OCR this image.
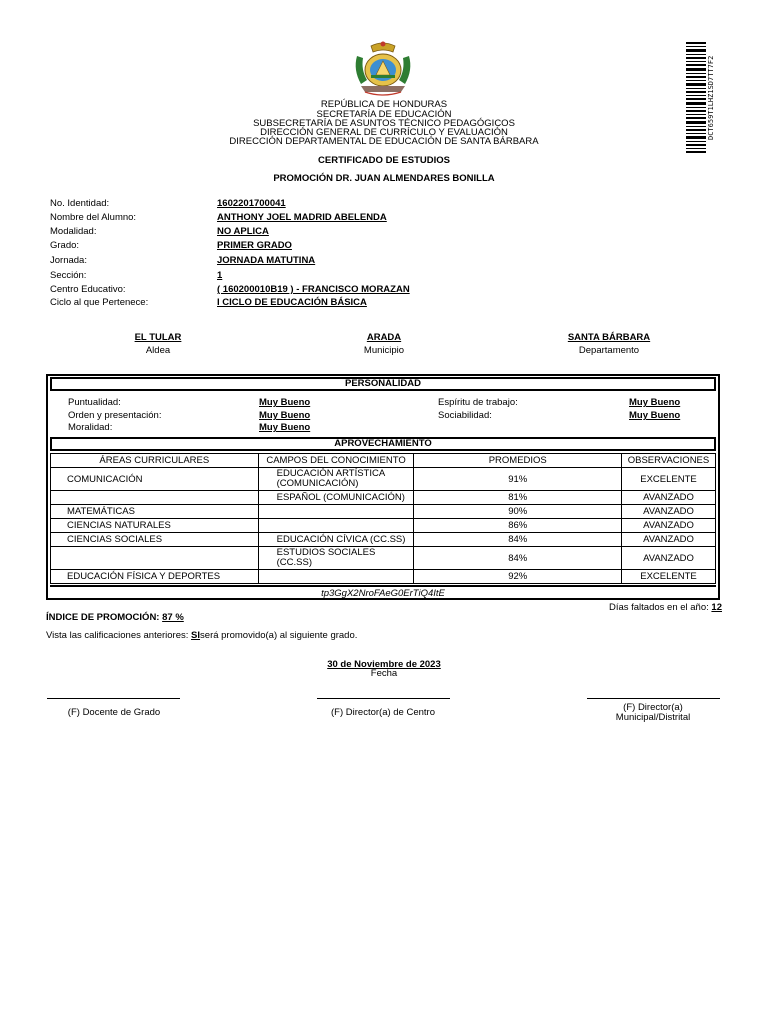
DCT659T1LHZ1SD7TT7F2
REPÚBLICA DE HONDURAS
SECRETARÍA DE EDUCACIÓN
SUBSECRETARÍA DE ASUNTOS TÉCNICO PEDAGÓGICOS
DIRECCIÓN GENERAL DE CURRÍCULO Y EVALUACIÓN
DIRECCIÓN DEPARTAMENTAL DE EDUCACIÓN DE SANTA BÁRBARA
CERTIFICADO DE ESTUDIOS
PROMOCIÓN DR. JUAN ALMENDARES BONILLA
No. Identidad:	1602201700041
Nombre del Alumno:	ANTHONY JOEL MADRID ABELENDA
Modalidad:	NO APLICA
Grado:	PRIMER GRADO
Jornada:	JORNADA MATUTINA
Sección:	1
Centro Educativo:	( 160200010B19 ) - FRANCISCO MORAZAN
Ciclo al que Pertenece:	I CICLO DE EDUCACIÓN BÁSICA
EL TULAR
Aldea
ARADA
Municipio
SANTA BÁRBARA
Departamento
PERSONALIDAD
Puntualidad:	Muy Bueno
Orden y presentación:	Muy Bueno
Moralidad:	Muy Bueno
Espíritu de trabajo:	Muy Bueno
Sociabilidad:	Muy Bueno
APROVECHAMIENTO
ÁREAS CURRICULARES	CAMPOS DEL CONOCIMIENTO	PROMEDIOS	OBSERVACIONES
COMUNICACIÓN	EDUCACIÓN ARTÍSTICA (COMUNICACIÓN)	91%	EXCELENTE
	ESPAÑOL (COMUNICACIÓN)	81%	AVANZADO
MATEMÁTICAS		90%	AVANZADO
CIENCIAS NATURALES		86%	AVANZADO
CIENCIAS SOCIALES	EDUCACIÓN CÍVICA (CC.SS)	84%	AVANZADO
	ESTUDIOS SOCIALES (CC.SS)	84%	AVANZADO
EDUCACIÓN FÍSICA Y DEPORTES		92%	EXCELENTE
tp3GgX2NroFAeG0ErTiQ4ItE
Días faltados en el año: 12
ÍNDICE DE PROMOCIÓN: 87 %
Vista las calificaciones anteriores: SIserá promovido(a) al siguiente grado.
30 de Noviembre de 2023
Fecha
(F) Docente de Grado	(F) Director(a) de Centro	(F) Director(a)
Municipal/Distrital
